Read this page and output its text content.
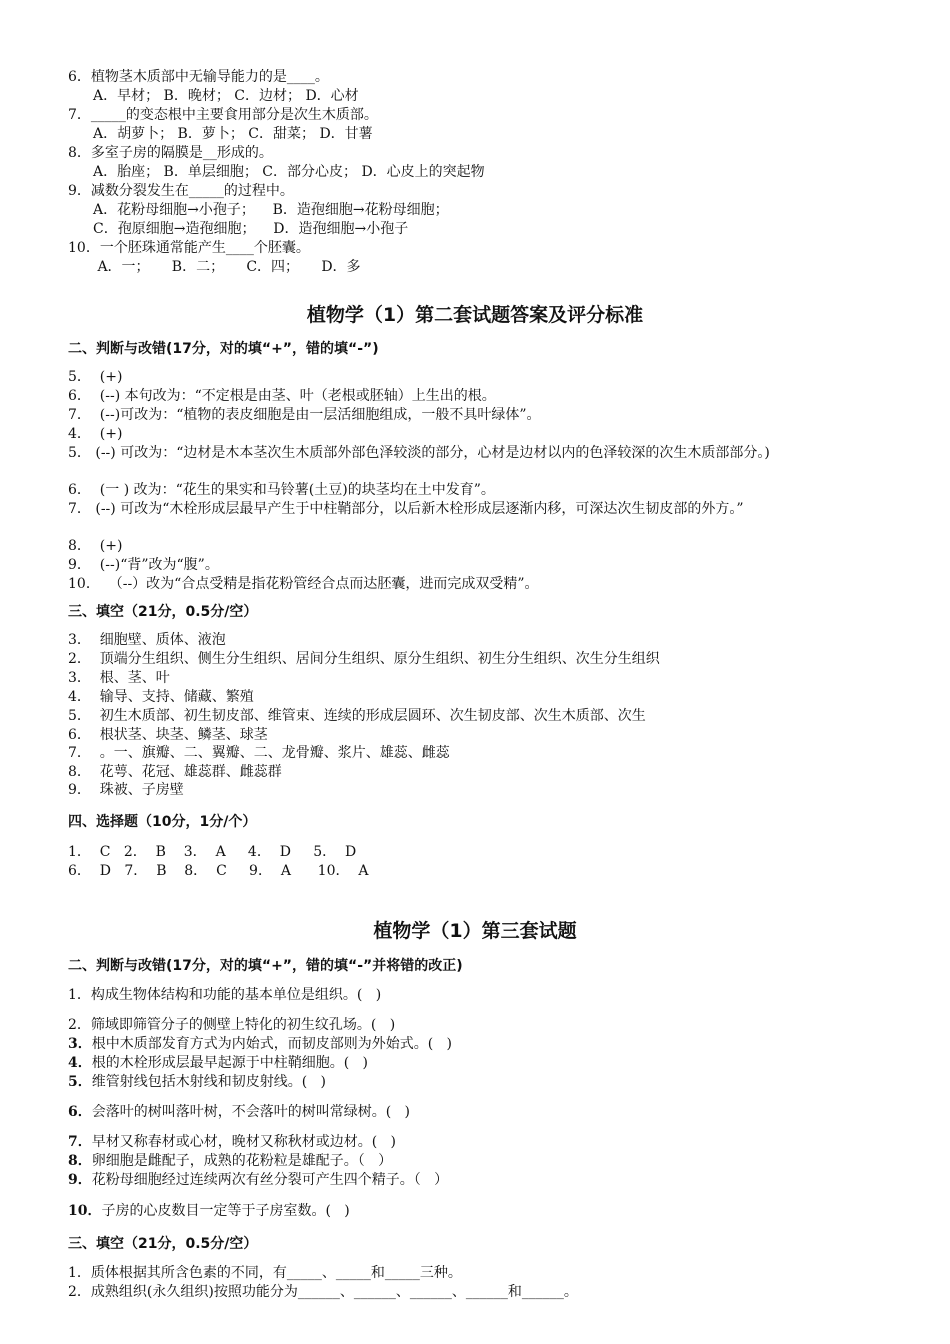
6．植物茎木质部中无输导能力的是____。
A．早材； B．晚材； C．边材； D．心材
7．_____的变态根中主要食用部分是次生木质部。
A．胡萝卜； B．萝卜； C．甜菜； D．甘薯
8．多室子房的隔膜是__形成的。
A．胎座； B．单层细胞； C．部分心皮； D．心皮上的突起物
9．减数分裂发生在_____的过程中。
A．花粉母细胞→小孢子；    B．造孢细胞→花粉母细胞；
C．孢原细胞→造孢细胞；    D．造孢细胞→小孢子
10．一个胚珠通常能产生____个胚囊。
A．一；     B．二；     C．四；     D．多
植物学（1）第二套试题答案及评分标准
二、判断与改错(17分，对的填“+”，错的填“-”)
5．  (+)
6．  (--) 本句改为：“不定根是由茎、叶（老根或胚轴）上生出的根。
7．  (--)可改为：“植物的表皮细胞是由一层活细胞组成，一般不具叶绿体”。
4．  (+)
5． (--) 可改为：“边材是木本茎次生木质部外部色泽较淡的部分，心材是边材以内的色泽较深的次生木质部部分。)
6．  (一 ) 改为：“花生的果实和马铃薯(土豆)的块茎均在土中发育”。
7． (--) 可改为“木栓形成层最早产生于中柱鞘部分，以后新木栓形成层逐渐内移，可深达次生韧皮部的外方。”
8．  (+)
9．  (--)“背”改为“腹”。
10．  （--）改为“合点受精是指花粉管经合点而达胚囊，进而完成双受精”。
三、填空（21分，0.5分/空）
3．  细胞壁、质体、液泡
2．  顶端分生组织、侧生分生组织、居间分生组织、原分生组织、初生分生组织、次生分生组织
3．  根、茎、叶
4．  输导、支持、储藏、繁殖
5．  初生木质部、初生韧皮部、维管束、连续的形成层圆环、次生韧皮部、次生木质部、次生
6．  根状茎、块茎、鳞茎、球茎
7．  。一、旗瓣、二、翼瓣、二、龙骨瓣、浆片、雄蕊、雌蕊
8．  花萼、花冠、雄蕊群、雌蕊群
9．  珠被、子房壁
四、选择题（10分，1分/个）
1．  C   2．  B    3．  A     4．  D     5．  D
6．  D   7．  B    8．  C     9．  A      10．  A
植物学（1）第三套试题
二、判断与改错(17分，对的填“+”，错的填“-”并将错的改正)
1．构成生物体结构和功能的基本单位是组织。(   )
2．筛域即筛管分子的侧壁上特化的初生纹孔场。(   )
3．根中木质部发育方式为内始式，而韧皮部则为外始式。(   )
4．根的木栓形成层最早起源于中柱鞘细胞。(   )
5．维管射线包括木射线和韧皮射线。(   )
6．会落叶的树叫落叶树，不会落叶的树叫常绿树。(   )
7．早材又称春材或心材，晚材又称秋材或边材。(   )
8．卵细胞是雌配子，成熟的花粉粒是雄配子。（   ）
9．花粉母细胞经过连续两次有丝分裂可产生四个精子。（   ）
10．子房的心皮数目一定等于子房室数。(   )
三、填空（21分，0.5分/空）
1．质体根据其所含色素的不同，有_____、_____和_____三种。
2．成熟组织(永久组织)按照功能分为______、______、______、______和______。
